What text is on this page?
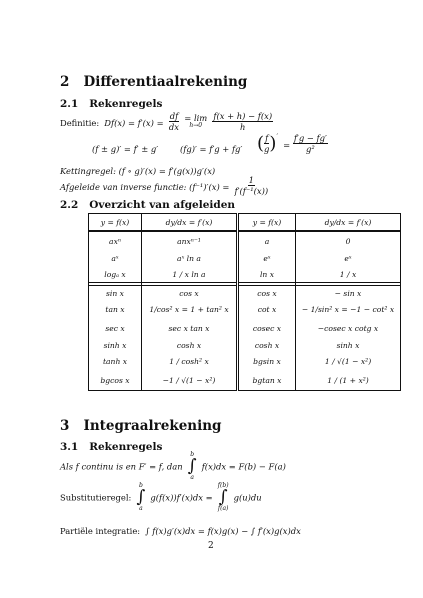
2 Differentiaalrekening
2.1 Rekenregels
Definitie: $Df(x) = f'(x) = \frac{df}{dx}$
= lim
h→0
$\frac{f(x + h) - f(x)}{h}$
(f ± g)′ = f′ ± g′	(fg)′ = f′g + fg′ ( $\frac{f}{g} )' = \frac{f'g - fg'}{\text{g²}}$
Kettingregel: (f ∘ g)′(x) = f′(g(x))g′(x)
Afgeleide van inverse functie: $(f^{-1})'(x) = \frac{1}{\text{f′(f⁻¹(x))}}$
2.2 Overzicht van afgeleiden
y = f(x)	dy/dx = f′(x)	y = f(x)	dy/dx = f′(x)
axⁿ	anxⁿ⁻¹	a	0
aˣ	aˣ ln a	eˣ	eˣ
logₐ x	1 / x ln a	ln x	1 / x

sin x	cos x	cos x	− sin x
tan x	1/cos² x = 1 + tan² x	cot x	− 1/sin² x = −1 − cot² x
sec x	sec x tan x	cosec x	−cosec x cotg x
sinh x	cosh x	cosh x	sinh x
tanh x	1 / cosh² x	bgsin x	1 / √(1 − x²)
bgcos x	−1 / √(1 − x²)	bgtan x	1 / (1 + x²)
3 Integraalrekening
3.1 Rekenregels
Als f continu is en F′ = f, dan
b
∫
a
f(x)dx = F(b) − F(a)
Substitutieregel:
b
∫
a
g(f(x))f′(x)dx =
f(b)
∫
f(a)
g(u)du
Partiële integratie: ∫ f(x)g′(x)dx = f(x)g(x) − ∫ f′(x)g(x)dx
2
